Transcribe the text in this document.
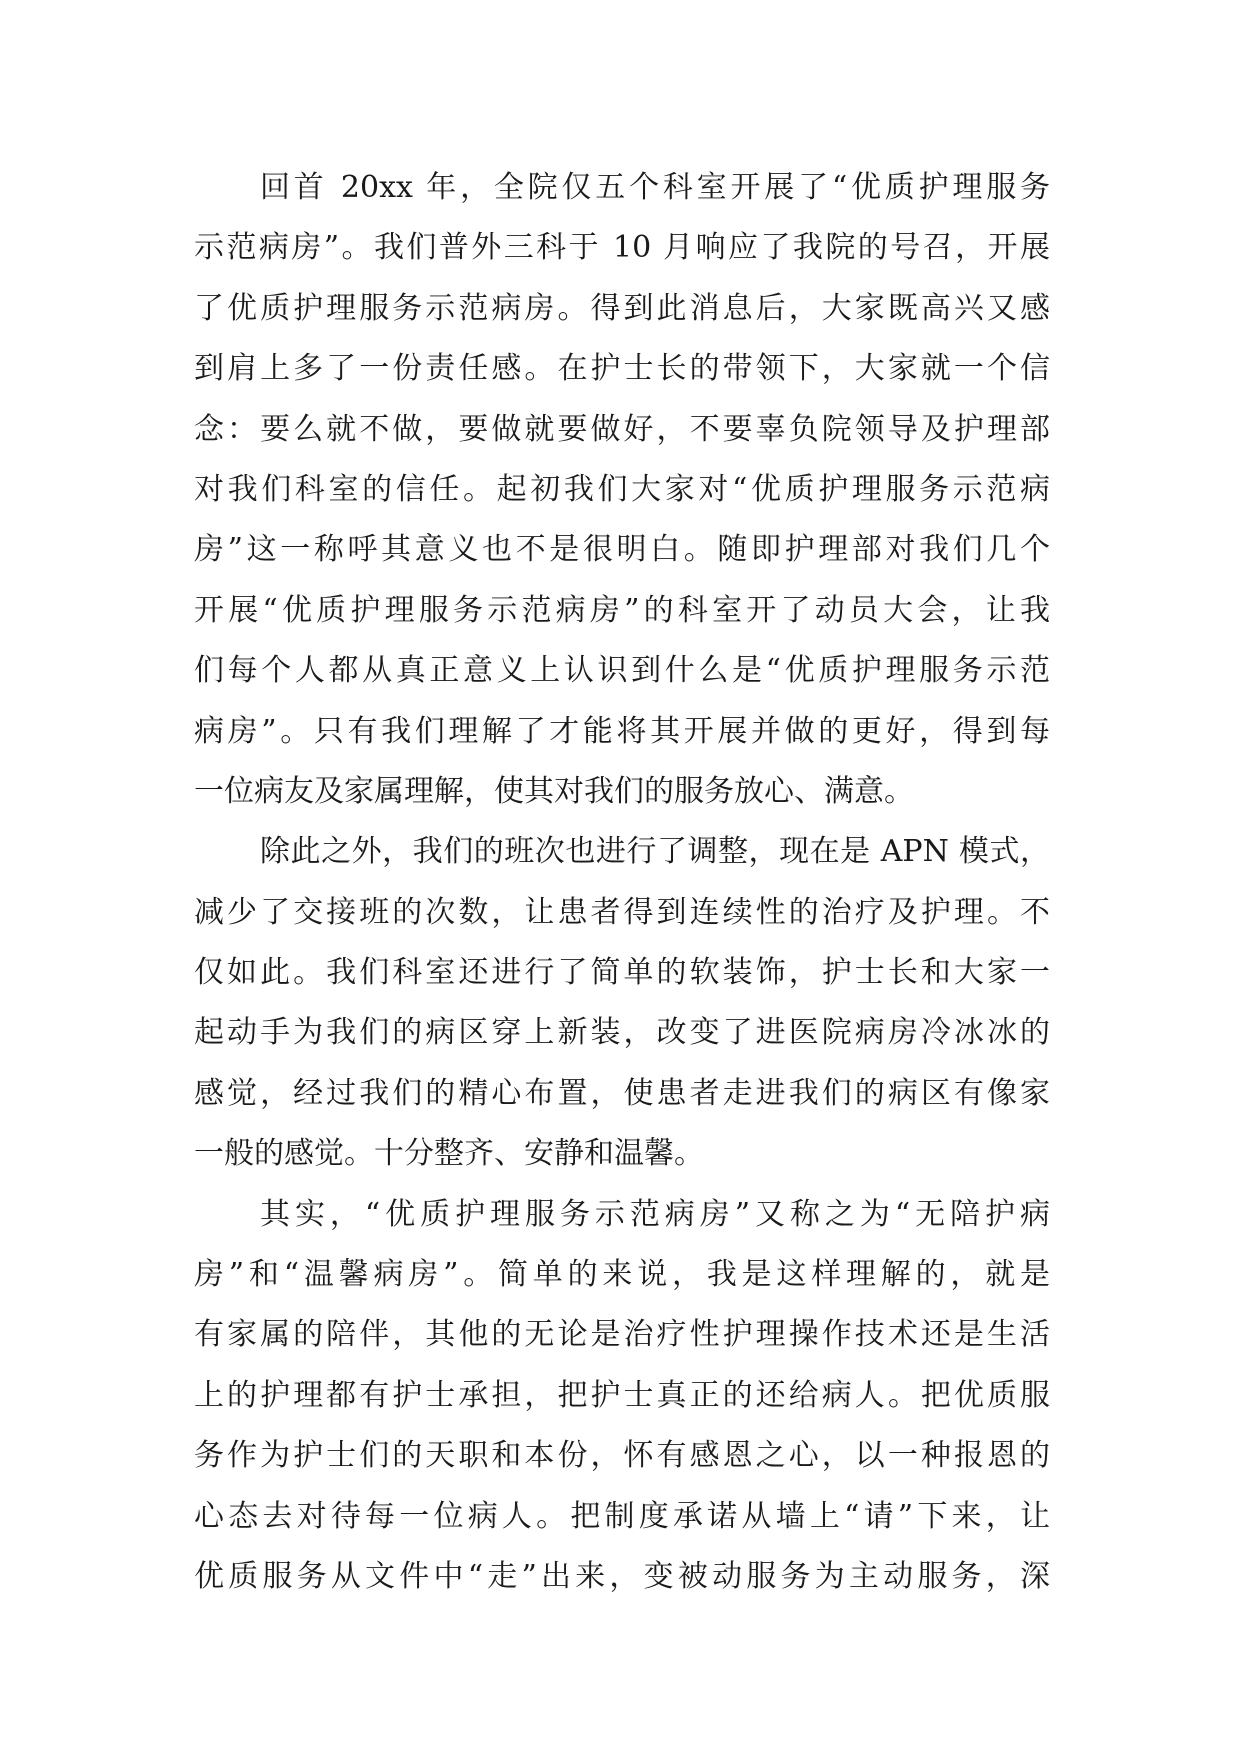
回首 20xx 年，全院仅五个科室开展了“优质护理服务
示范病房”。我们普外三科于 10 月响应了我院的号召，开展
了优质护理服务示范病房。得到此消息后，大家既高兴又感
到肩上多了一份责任感。在护士长的带领下，大家就一个信
念：要么就不做，要做就要做好，不要辜负院领导及护理部
对我们科室的信任。起初我们大家对“优质护理服务示范病
房”这一称呼其意义也不是很明白。随即护理部对我们几个
开展“优质护理服务示范病房”的科室开了动员大会，让我
们每个人都从真正意义上认识到什么是“优质护理服务示范
病房”。只有我们理解了才能将其开展并做的更好，得到每
一位病友及家属理解，使其对我们的服务放心、满意。
除此之外，我们的班次也进行了调整，现在是 APN 模式，
减少了交接班的次数，让患者得到连续性的治疗及护理。不
仅如此。我们科室还进行了简单的软装饰，护士长和大家一
起动手为我们的病区穿上新装，改变了进医院病房冷冰冰的
感觉，经过我们的精心布置，使患者走进我们的病区有像家
一般的感觉。十分整齐、安静和温馨。
其实，“优质护理服务示范病房”又称之为“无陪护病
房”和“温馨病房”。简单的来说，我是这样理解的，就是
有家属的陪伴，其他的无论是治疗性护理操作技术还是生活
上的护理都有护士承担，把护士真正的还给病人。把优质服
务作为护士们的天职和本份，怀有感恩之心，以一种报恩的
心态去对待每一位病人。把制度承诺从墙上“请”下来，让
优质服务从文件中“走”出来，变被动服务为主动服务，深
